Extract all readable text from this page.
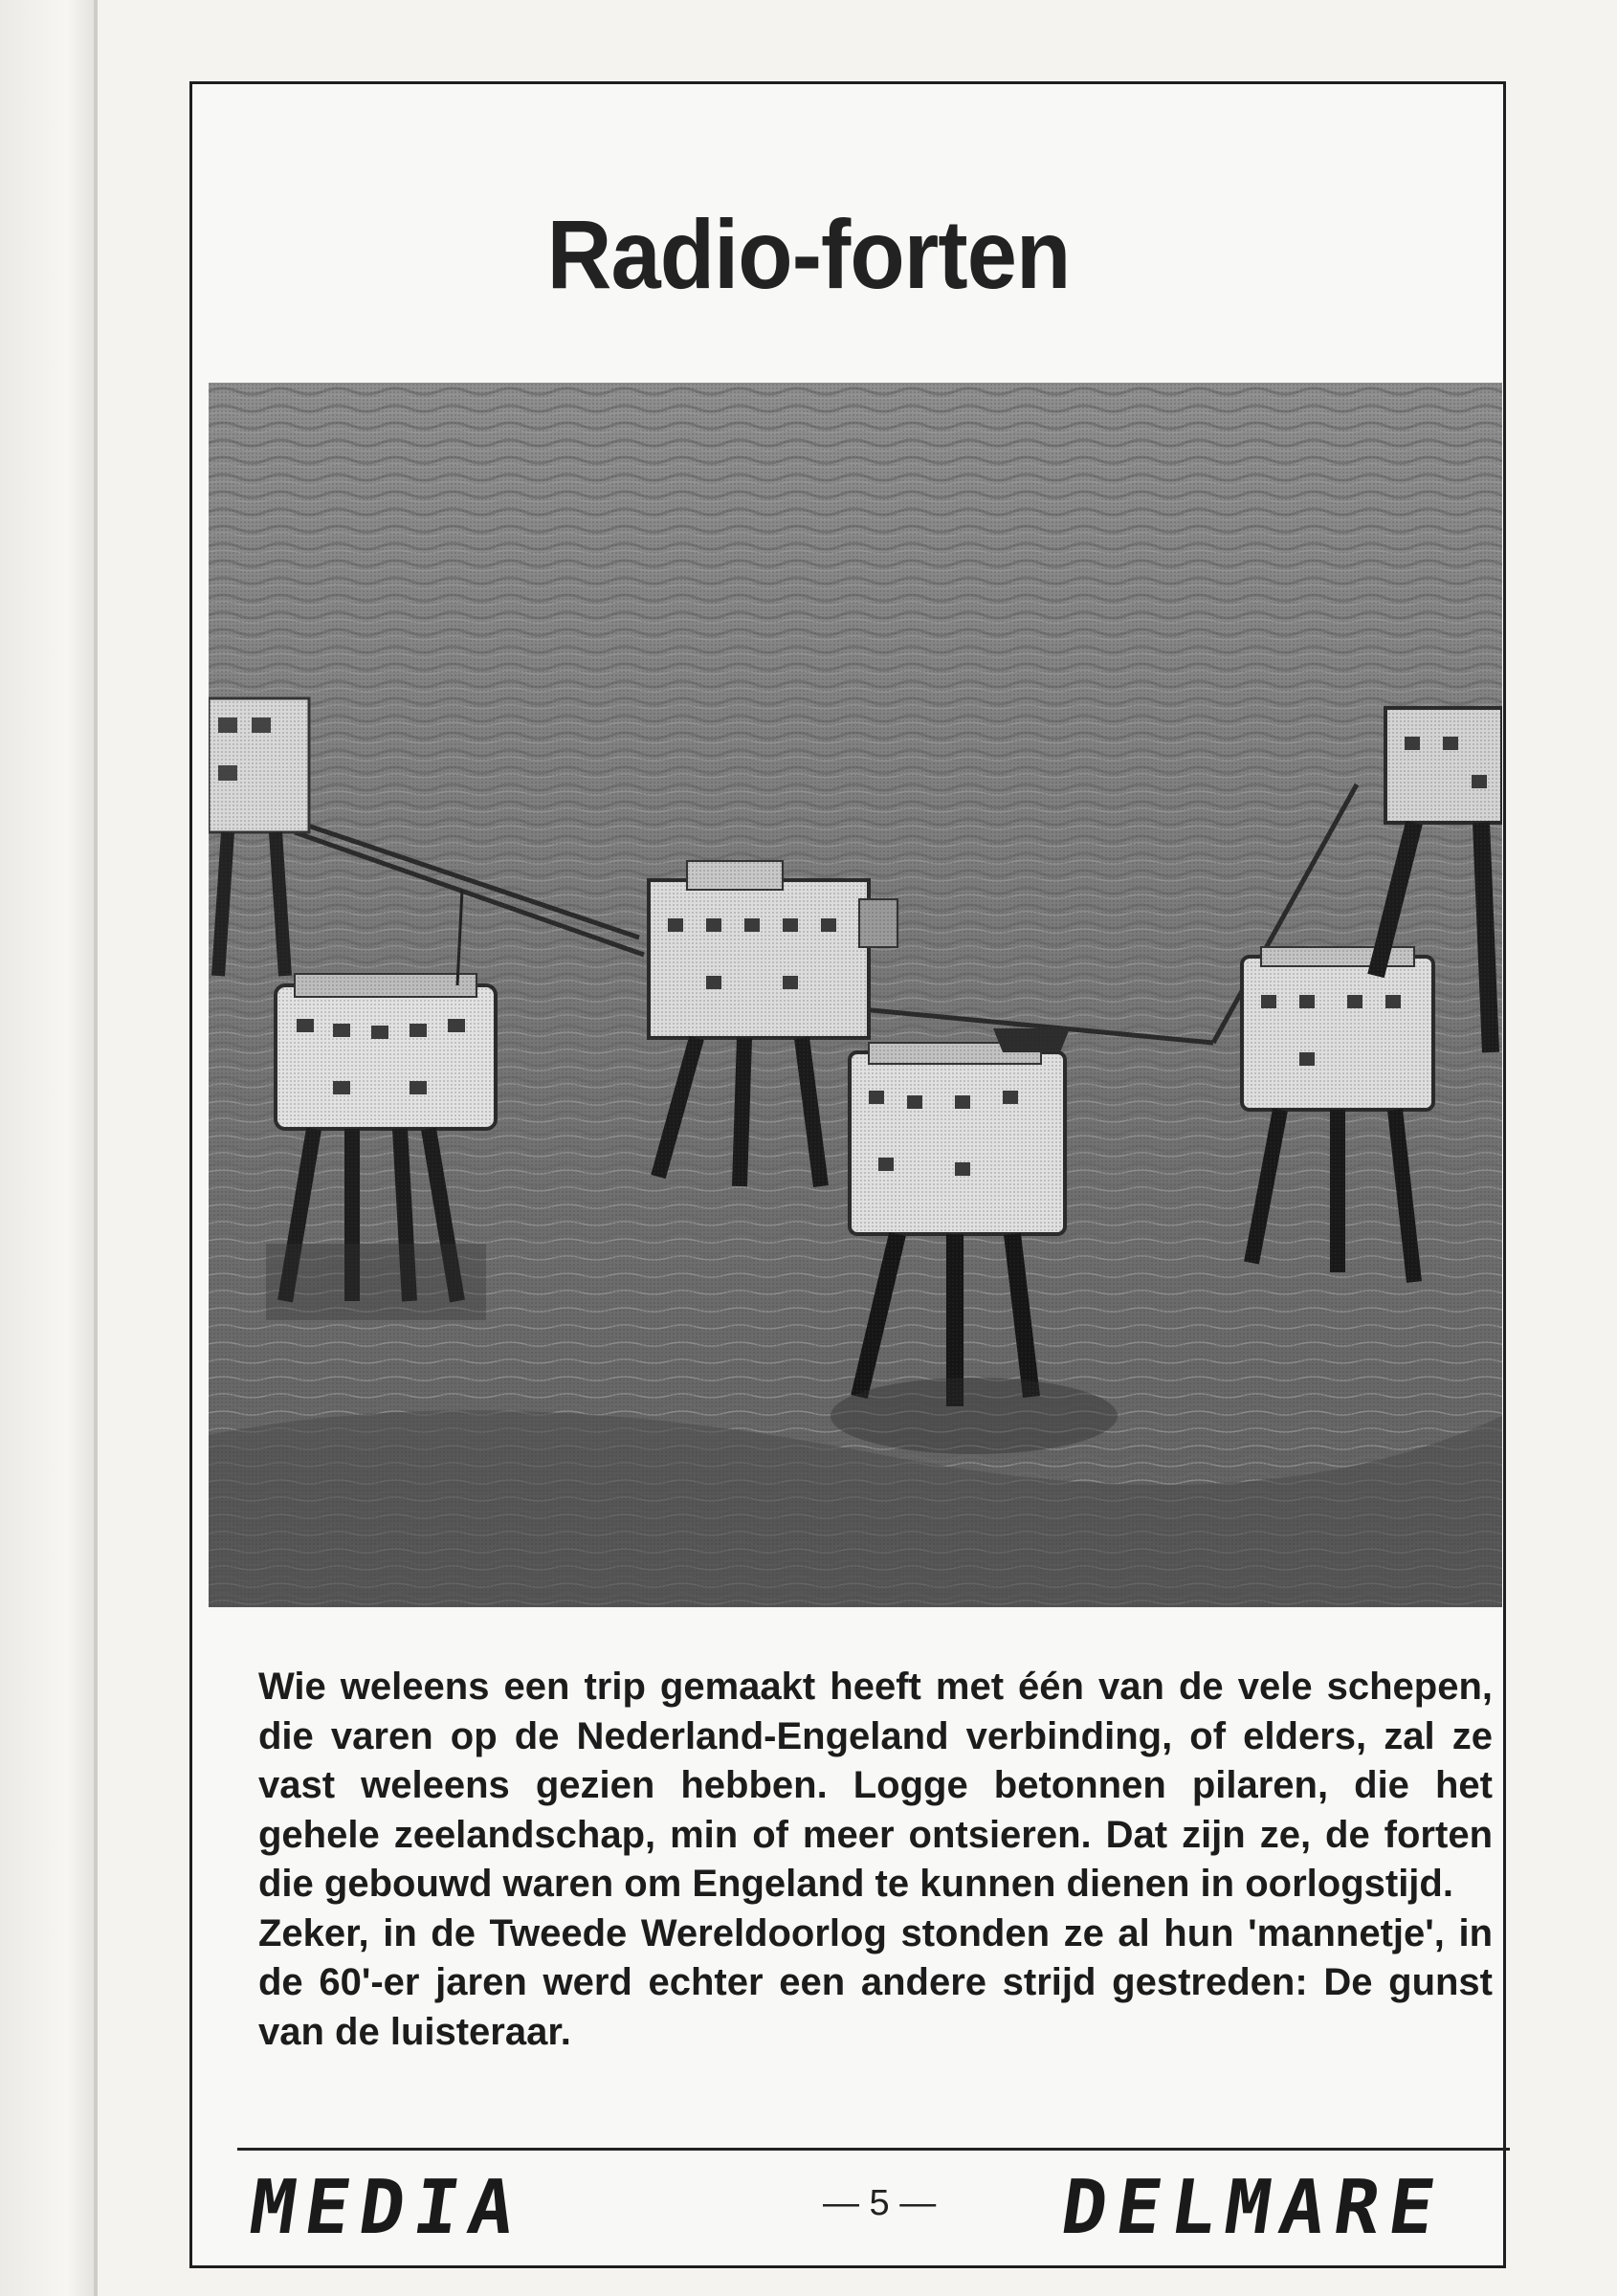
Radio-forten

Wie weleens een trip gemaakt heeft met één van de vele schepen, die varen op de Nederland-Engeland verbinding, of elders, zal ze vast weleens gezien hebben. Logge betonnen pilaren, die het gehele zeelandschap, min of meer ontsieren. Dat zijn ze, de forten die gebouwd waren om Engeland te kunnen dienen in oorlogstijd.

Zeker, in de Tweede Wereldoorlog stonden ze al hun 'mannetje', in de 60'-er jaren werd echter een andere strijd gestreden: De gunst van de luisteraar.

MEDIA	— 5 — DELMARE
